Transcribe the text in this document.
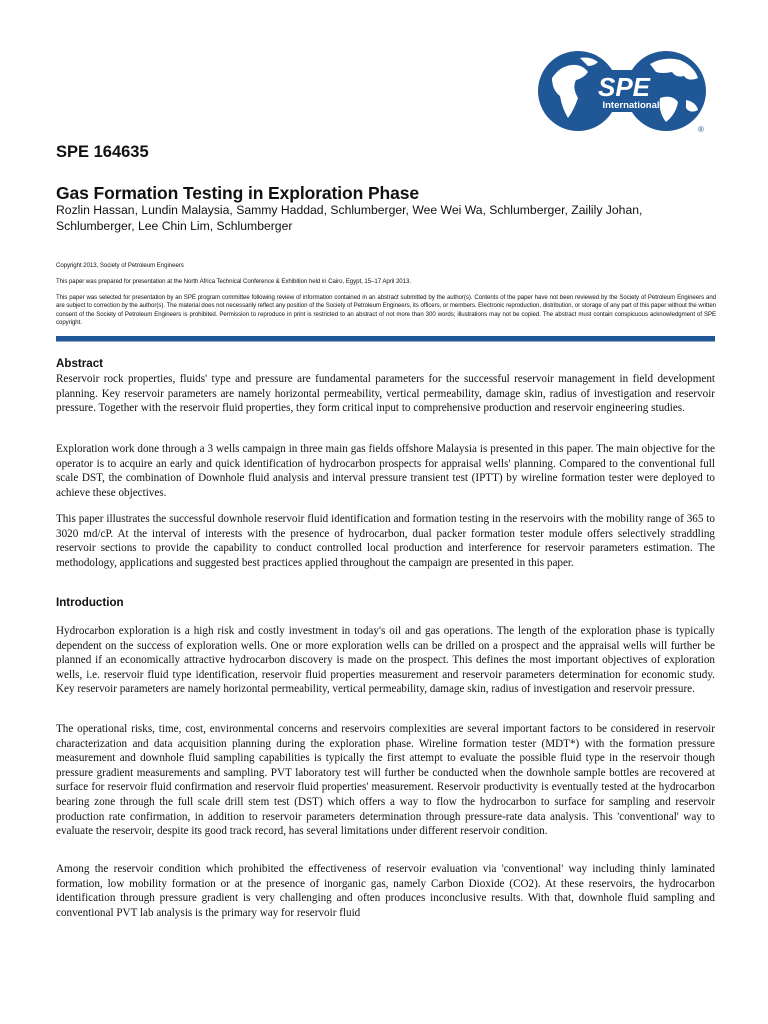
SPE
International
®
SPE 164635
Gas Formation Testing in Exploration Phase

Rozlin Hassan, Lundin Malaysia, Sammy Haddad, Schlumberger, Wee Wei Wa, Schlumberger, Zailily Johan, Schlumberger, Lee Chin Lim, Schlumberger

Copyright 2013, Society of Petroleum Engineers

This paper was prepared for presentation at the North Africa Technical Conference & Exhibition held in Cairo, Egypt, 15–17 April 2013.

This paper was selected for presentation by an SPE program committee following review of information contained in an abstract submitted by the author(s). Contents of the paper have not been reviewed by the Society of Petroleum Engineers and are subject to correction by the author(s). The material does not necessarily reflect any position of the Society of Petroleum Engineers, its officers, or members. Electronic reproduction, distribution, or storage of any part of this paper without the written consent of the Society of Petroleum Engineers is prohibited. Permission to reproduce in print is restricted to an abstract of not more than 300 words; illustrations may not be copied. The abstract must contain conspicuous acknowledgment of SPE copyright.

Abstract

Reservoir rock properties, fluids' type and pressure are fundamental parameters for the successful reservoir management in field development planning. Key reservoir parameters are namely horizontal permeability, vertical permeability, damage skin, radius of investigation and reservoir pressure. Together with the reservoir fluid properties, they form critical input to comprehensive production and reservoir engineering studies.

Exploration work done through a 3 wells campaign in three main gas fields offshore Malaysia is presented in this paper. The main objective for the operator is to acquire an early and quick identification of hydrocarbon prospects for appraisal wells' planning. Compared to the conventional full scale DST, the combination of Downhole fluid analysis and interval pressure transient test (IPTT) by wireline formation tester were deployed to achieve these objectives.

This paper illustrates the successful downhole reservoir fluid identification and formation testing in the reservoirs with the mobility range of 365 to 3020 md/cP. At the interval of interests with the presence of hydrocarbon, dual packer formation tester module offers selectively straddling reservoir sections to provide the capability to conduct controlled local production and interference for reservoir parameters estimation. The methodology, applications and suggested best practices applied throughout the campaign are presented in this paper.

Introduction

Hydrocarbon exploration is a high risk and costly investment in today's oil and gas operations. The length of the exploration phase is typically dependent on the success of exploration wells. One or more exploration wells can be drilled on a prospect and the appraisal wells will further be planned if an economically attractive hydrocarbon discovery is made on the prospect. This defines the most important objectives of exploration wells, i.e. reservoir fluid type identification, reservoir fluid properties measurement and reservoir parameters determination for economic study. Key reservoir parameters are namely horizontal permeability, vertical permeability, damage skin, radius of investigation and reservoir pressure.

The operational risks, time, cost, environmental concerns and reservoirs complexities are several important factors to be considered in reservoir characterization and data acquisition planning during the exploration phase. Wireline formation tester (MDT*) with the formation pressure measurement and downhole fluid sampling capabilities is typically the first attempt to evaluate the possible fluid type in the reservoir though pressure gradient measurements and sampling. PVT laboratory test will further be conducted when the downhole sample bottles are recovered at surface for reservoir fluid confirmation and reservoir fluid properties' measurement. Reservoir productivity is eventually tested at the hydrocarbon bearing zone through the full scale drill stem test (DST) which offers a way to flow the hydrocarbon to surface for sampling and reservoir production rate confirmation, in addition to reservoir parameters determination through pressure-rate data analysis. This 'conventional' way to evaluate the reservoir, despite its good track record, has several limitations under different reservoir condition.

Among the reservoir condition which prohibited the effectiveness of reservoir evaluation via 'conventional' way including thinly laminated formation, low mobility formation or at the presence of inorganic gas, namely Carbon Dioxide (CO2). At these reservoirs, the hydrocarbon identification through pressure gradient is very challenging and often produces inconclusive results. With that, downhole fluid sampling and conventional PVT lab analysis is the primary way for reservoir fluid
